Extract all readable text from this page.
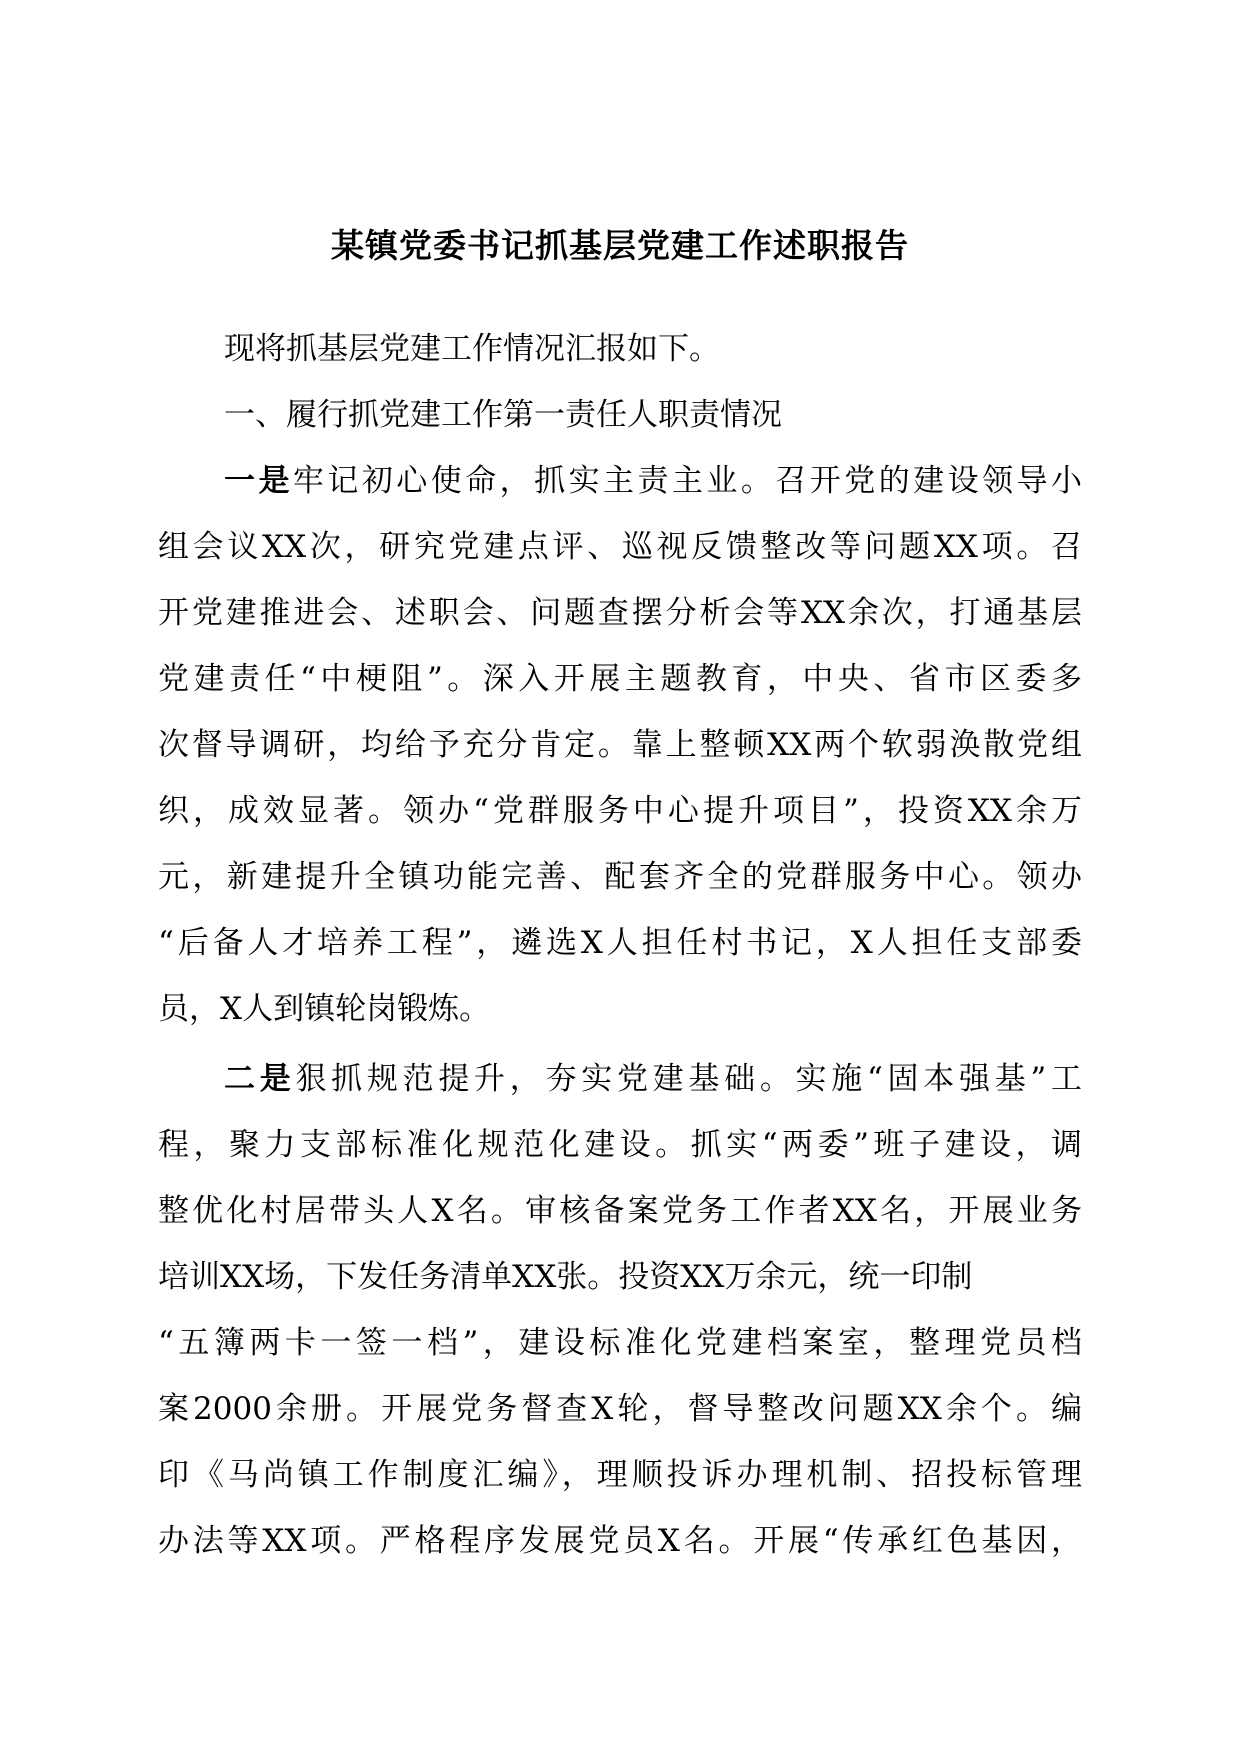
某镇党委书记抓基层党建工作述职报告
现将抓基层党建工作情况汇报如下。
一、履行抓党建工作第一责任人职责情况
一是牢记初心使命，抓实主责主业。召开党的建设领导小
组会议XX次，研究党建点评、巡视反馈整改等问题XX项。召
开党建推进会、述职会、问题查摆分析会等XX余次，打通基层
党建责任“中梗阻”。深入开展主题教育，中央、省市区委多
次督导调研，均给予充分肯定。靠上整顿XX两个软弱涣散党组
织，成效显著。领办“党群服务中心提升项目”，投资XX余万
元，新建提升全镇功能完善、配套齐全的党群服务中心。领办
“后备人才培养工程”，遴选X人担任村书记，X人担任支部委
员，X人到镇轮岗锻炼。
二是狠抓规范提升，夯实党建基础。实施“固本强基”工
程，聚力支部标准化规范化建设。抓实“两委”班子建设，调
整优化村居带头人X名。审核备案党务工作者XX名，开展业务
培训XX场，下发任务清单XX张。投资XX万余元，统一印制
“五簿两卡一签一档”，建设标准化党建档案室，整理党员档
案2000余册。开展党务督查X轮，督导整改问题XX余个。编
印《马尚镇工作制度汇编》，理顺投诉办理机制、招投标管理
办法等XX项。严格程序发展党员X名。开展“传承红色基因，
